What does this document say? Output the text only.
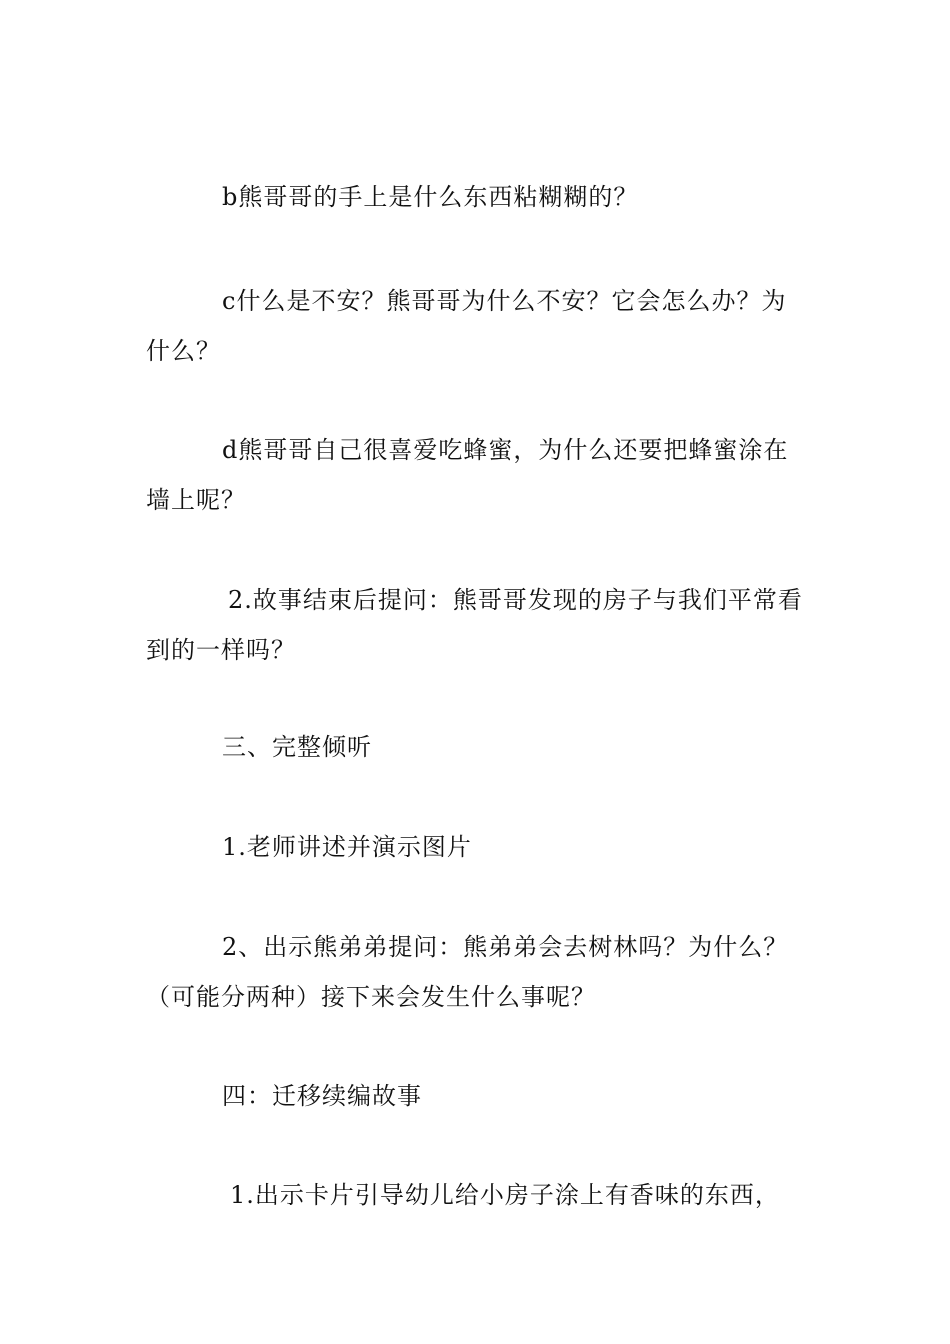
b熊哥哥的手上是什么东西粘糊糊的？

c什么是不安？熊哥哥为什么不安？它会怎么办？为什么？

d熊哥哥自己很喜爱吃蜂蜜，为什么还要把蜂蜜涂在墙上呢？

2.故事结束后提问：熊哥哥发现的房子与我们平常看到的一样吗？

三、完整倾听

1.老师讲述并演示图片

2、出示熊弟弟提问：熊弟弟会去树林吗？为什么？（可能分两种）接下来会发生什么事呢？

四：迁移续编故事

1.出示卡片引导幼儿给小房子涂上有香味的东西，
